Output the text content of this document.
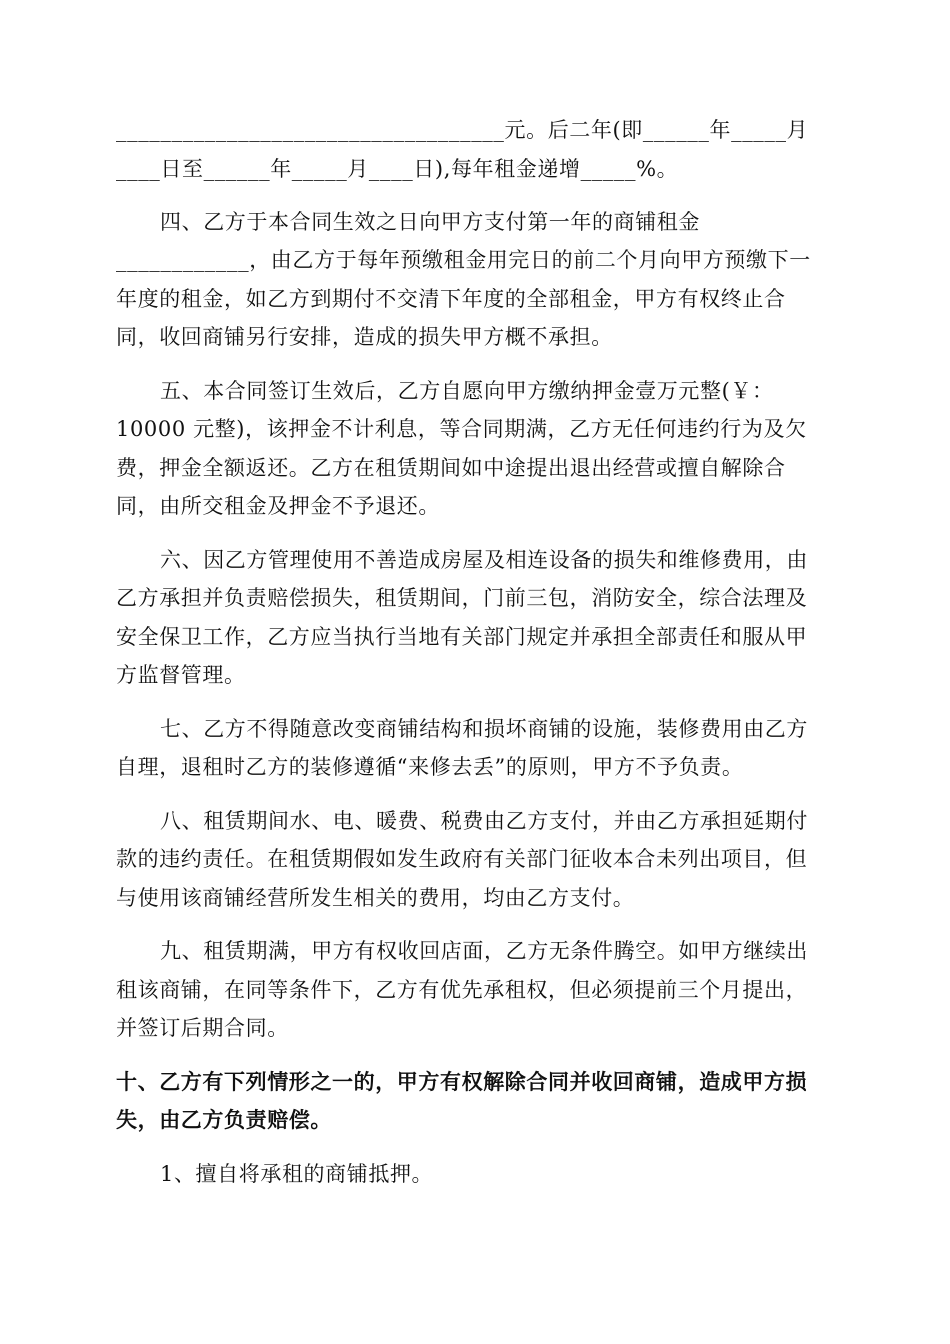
___________________________________元。后二年(即______年_____月
____日至______年_____月____日),每年租金递增_____%。
四、乙方于本合同生效之日向甲方支付第一年的商铺租金
____________，由乙方于每年预缴租金用完日的前二个月向甲方预缴下一
年度的租金，如乙方到期付不交清下年度的全部租金，甲方有权终止合
同，收回商铺另行安排，造成的损失甲方概不承担。
五、本合同签订生效后，乙方自愿向甲方缴纳押金壹万元整(￥：
10000 元整)，该押金不计利息，等合同期满，乙方无任何违约行为及欠
费，押金全额返还。乙方在租赁期间如中途提出退出经营或擅自解除合
同，由所交租金及押金不予退还。
六、因乙方管理使用不善造成房屋及相连设备的损失和维修费用，由
乙方承担并负责赔偿损失，租赁期间，门前三包，消防安全，综合法理及
安全保卫工作，乙方应当执行当地有关部门规定并承担全部责任和服从甲
方监督管理。
七、乙方不得随意改变商铺结构和损坏商铺的设施，装修费用由乙方
自理，退租时乙方的装修遵循“来修去丢”的原则，甲方不予负责。
八、租赁期间水、电、暖费、税费由乙方支付，并由乙方承担延期付
款的违约责任。在租赁期假如发生政府有关部门征收本合未列出项目，但
与使用该商铺经营所发生相关的费用，均由乙方支付。
九、租赁期满，甲方有权收回店面，乙方无条件腾空。如甲方继续出
租该商铺，在同等条件下，乙方有优先承租权，但必须提前三个月提出，
并签订后期合同。
十、乙方有下列情形之一的，甲方有权解除合同并收回商铺，造成甲方损
失，由乙方负责赔偿。
1、擅自将承租的商铺抵押。
